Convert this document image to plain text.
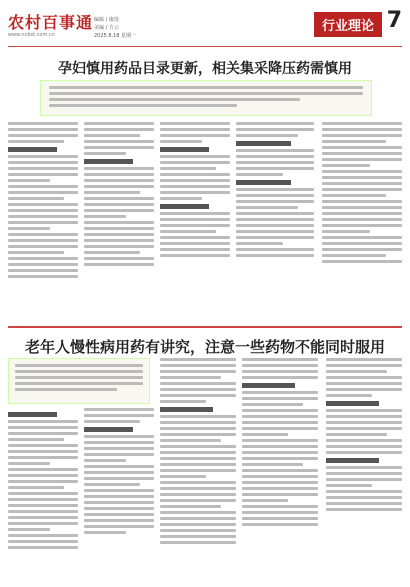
农村百事通
www.ncbst.com.cn
编辑 / 康莲
美编 / 方云
2025.8.18 星期一
行业理论 7
孕妇慎用药品目录更新，相关集采降压药需慎用
老年人慢性病用药有讲究，注意一些药物不能同时服用
